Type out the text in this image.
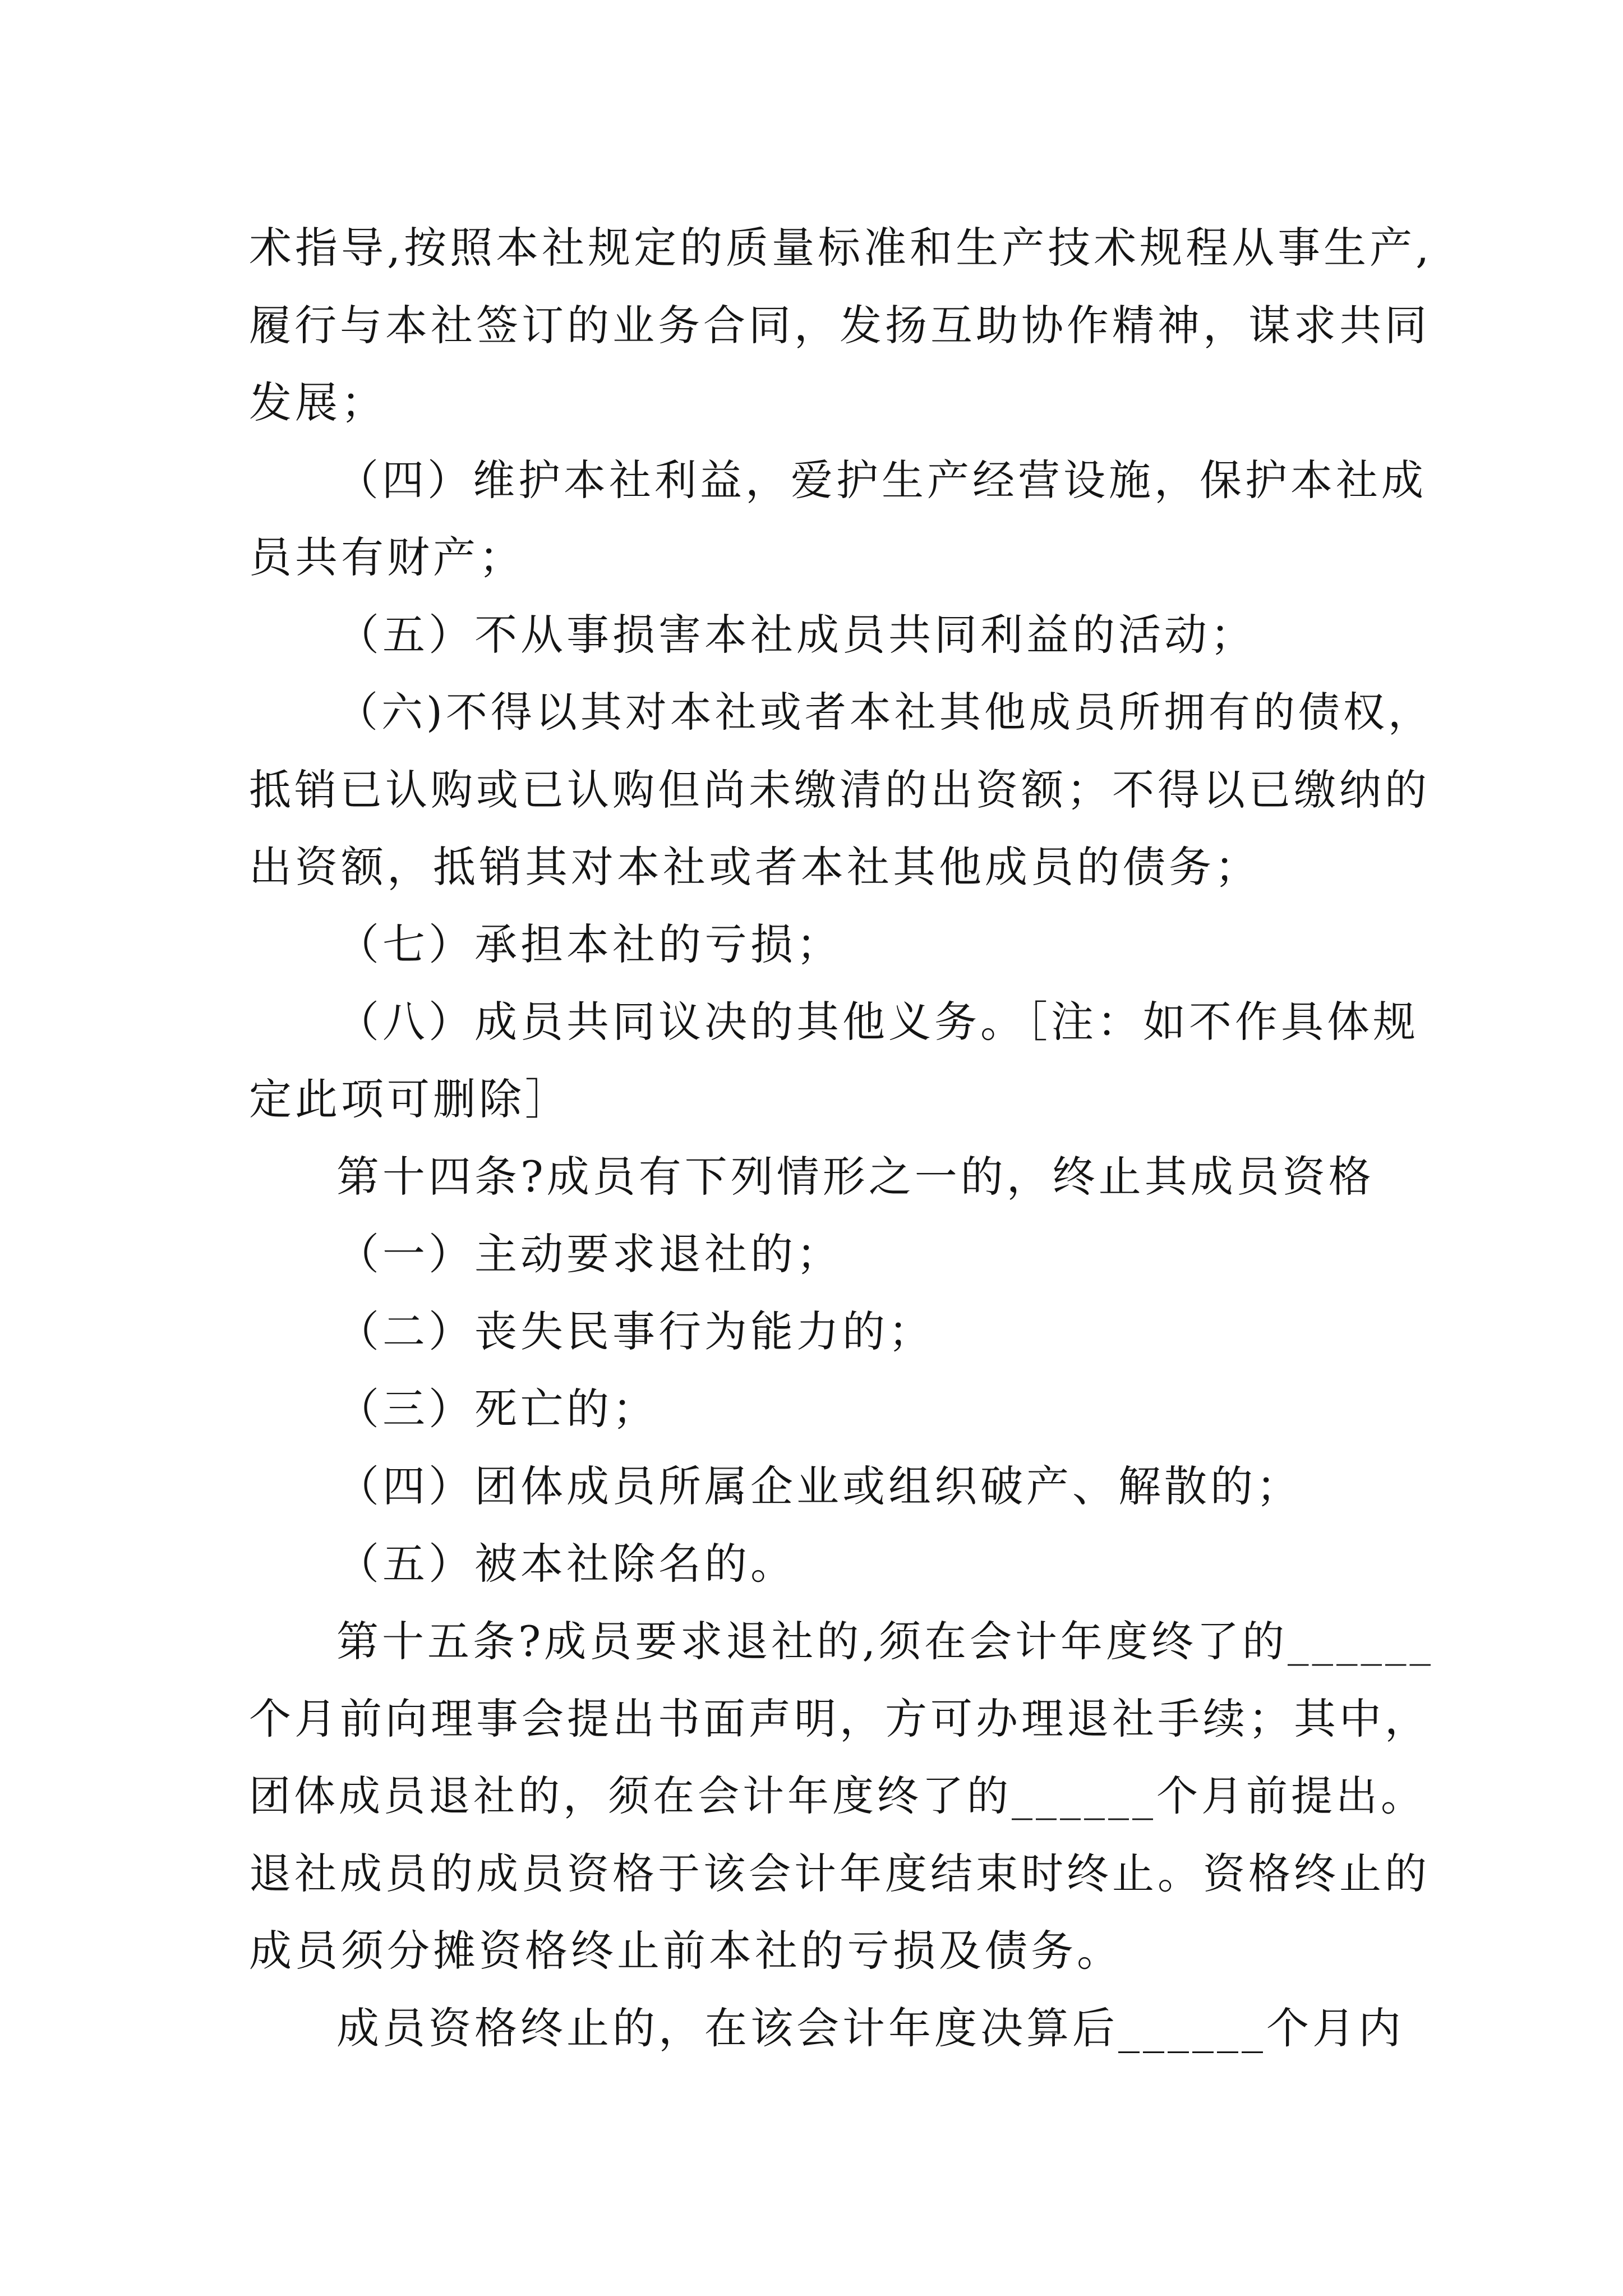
术指导,按照本社规定的质量标准和生产技术规程从事生产,
履行与本社签订的业务合同，发扬互助协作精神，谋求共同
发展；
（四）维护本社利益，爱护生产经营设施，保护本社成
员共有财产；
（五）不从事损害本社成员共同利益的活动；
（六)不得以其对本社或者本社其他成员所拥有的债权，
抵销已认购或已认购但尚未缴清的出资额；不得以已缴纳的
出资额，抵销其对本社或者本社其他成员的债务；
（七）承担本社的亏损；
（八）成员共同议决的其他义务。［注：如不作具体规
定此项可删除］
第十四条?成员有下列情形之一的，终止其成员资格
（一）主动要求退社的；
（二）丧失民事行为能力的；
（三）死亡的；
（四）团体成员所属企业或组织破产、解散的；
（五）被本社除名的。
第十五条?成员要求退社的,须在会计年度终了的______
个月前向理事会提出书面声明，方可办理退社手续；其中，
团体成员退社的，须在会计年度终了的______个月前提出。
退社成员的成员资格于该会计年度结束时终止。资格终止的
成员须分摊资格终止前本社的亏损及债务。
成员资格终止的，在该会计年度决算后______个月内
